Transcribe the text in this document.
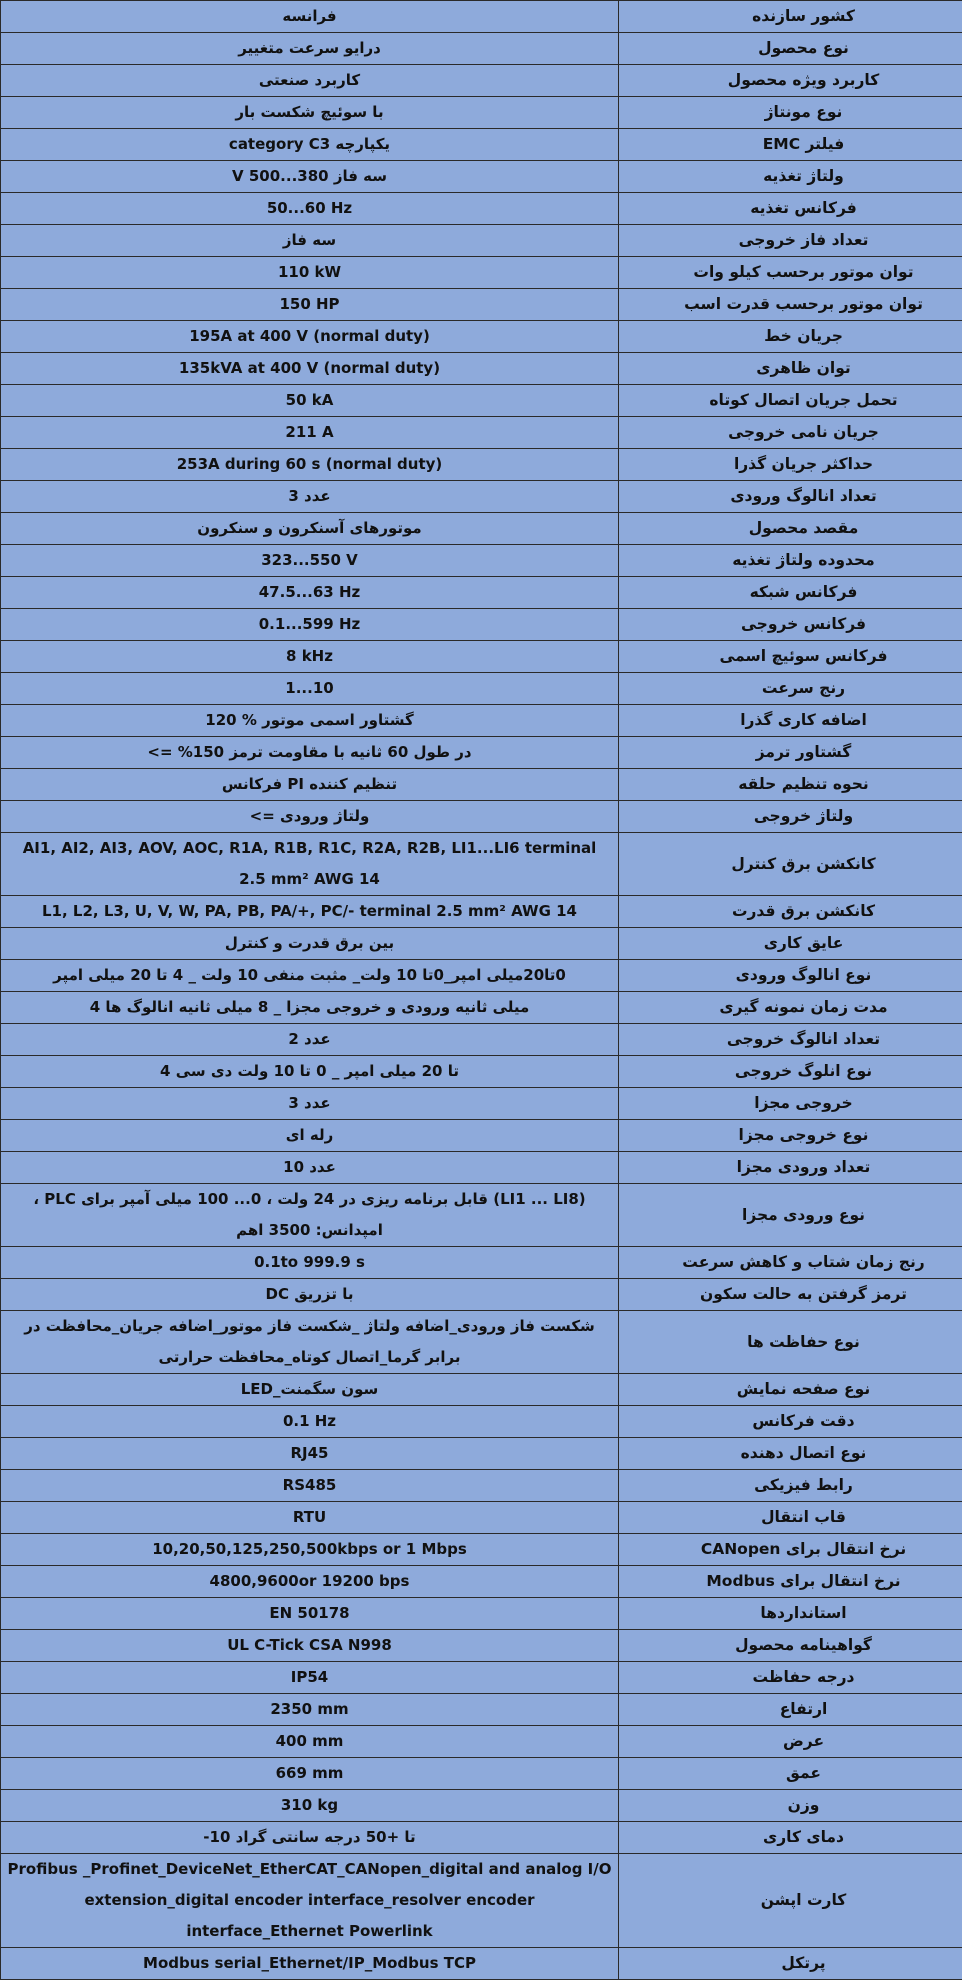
فرانسه	کشور سازنده
درایو سرعت متغییر	نوع محصول
کاربرد صنعتی	کاربرد ویژه محصول
با سوئیچ شکست بار	نوع مونتاژ
یکپارچه category C3	فیلتر EMC
سه فاز 380...500 V	ولتاژ تغذیه
50...60 Hz	فرکانس تغذیه
سه فاز	تعداد فاز خروجی
110 kW	توان موتور برحسب کیلو وات
150 HP	توان موتور برحسب قدرت اسب
195A at 400 V (normal duty)	جریان خط
135kVA at 400 V (normal duty)	توان ظاهری
50 kA	تحمل جریان اتصال کوتاه
211 A	جریان نامی خروجی
253A during 60 s (normal duty)	حداکثر جریان گذرا
عدد 3	تعداد انالوگ ورودی
موتورهای آسنکرون و سنکرون	مقصد محصول
323...550 V	محدوده ولتاژ تغذیه
47.5...63 Hz	فرکانس شبکه
0.1...599 Hz	فرکانس خروجی
8 kHz	فرکانس سوئیچ اسمی
1...10	رنج سرعت
گشتاور اسمی موتور % 120	اضافه کاری گذرا
در طول 60 ثانیه با مقاومت ترمز 150% =>	گشتاور ترمز
تنظیم کننده PI فرکانس	نحوه تنظیم حلقه
ولتاژ ورودی =>	ولتاژ خروجی
AI1, AI2, AI3, AOV, AOC, R1A, R1B, R1C, R2A, R2B, LI1...LI6 terminal 2.5 mm² AWG 14	کانکشن برق کنترل
L1, L2, L3, U, V, W, PA, PB, PA/+, PC/- terminal 2.5 mm² AWG 14	کانکشن برق قدرت
بین برق قدرت و کنترل	عایق کاری
0تا20میلی امپر_0تا 10 ولت_ مثبت منفی 10 ولت _ 4 تا 20 میلی امپر	نوع انالوگ ورودی
میلی ثانیه ورودی و خروجی مجزا _ 8 میلی ثانیه انالوگ ها 4	مدت زمان نمونه گیری
عدد 2	تعداد انالوگ خروجی
تا 20 میلی امپر _ 0 تا 10 ولت دی سی 4	نوع انلوگ خروجی
عدد 3	خروجی مجزا
رله ای	نوع خروجی مجزا
عدد 10	تعداد ورودی مجزا
، PLC قابل برنامه ریزی در 24 ولت ، 0... 100 میلی آمپر برای (LI1 ... LI8) امپدانس: 3500 اهم	نوع ورودی مجزا
0.1to 999.9 s	رنج زمان شتاب و کاهش سرعت
با تزریق DC	ترمز گرفتن به حالت سکون
شکست فاز ورودی_اضافه ولتاژ _شکست فاز موتور_اضافه جریان_محافظت در برابر گرما_اتصال کوتاه_محافظت حرارتی	نوع حفاظت ها
سون سگمنت_LED	نوع صفحه نمایش
0.1 Hz	دقت فرکانس
RJ45	نوع اتصال دهنده
RS485	رابط فیزیکی
RTU	قاب انتقال
10,20,50,125,250,500kbps or 1 Mbps	نرخ انتقال برای CANopen
4800,9600or 19200 bps	نرخ انتقال برای Modbus
EN 50178	استانداردها
UL C-Tick CSA N998	گواهینامه محصول
IP54	درجه حفاظت
2350 mm	ارتفاع
400 mm	عرض
669 mm	عمق
310 kg	وزن
تا +50 درجه سانتی گراد 10-	دمای کاری
Profibus _Profinet_DeviceNet_EtherCAT_CANopen_digital and analog I/O extension_digital encoder interface_resolver encoder interface_Ethernet Powerlink	کارت اپشن
Modbus serial_Ethernet/IP_Modbus TCP	پرتکل
